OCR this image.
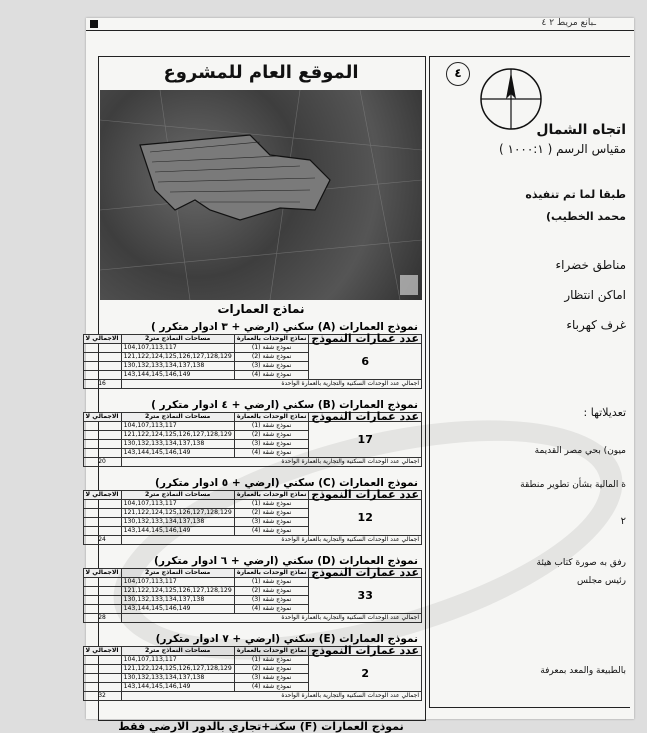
ـبانع مريط ٢ ٤
الموقع العام للمشروع
نماذج العمارات
نموذج العمارات (A) سكني (ارضي + ٣ ادوار متكرر )
عدد عمارات النموذج	نماذج الوحدات بالعمارة	مساحات النماذج متر2	الاجمالي لا
6	نموذج شقة (1)	104,107,113,117	
	نموذج شقة (2)	121,122,124,125,126,127,128,129	
	نموذج شقة (3)	130,132,133,134,137,138	
	نموذج شقة (4)	143,144,145,146,149	
اجمالي عدد الوحدات السكنية والتجارية بالعمارة الواحدة			16
نموذج العمارات (B) سكني (ارضي + ٤ ادوار متكرر )
عدد عمارات النموذج	نماذج الوحدات بالعمارة	مساحات النماذج متر2	الاجمالي لا
17	نموذج شقة (1)	104,107,113,117	
	نموذج شقة (2)	121,122,124,125,126,127,128,129	
	نموذج شقة (3)	130,132,133,134,137,138	
	نموذج شقة (4)	143,144,145,146,149	
اجمالي عدد الوحدات السكنية والتجارية بالعمارة الواحدة			20
نموذج العمارات (C) سكني (ارضي + ٥ ادوار متكرر)
عدد عمارات النموذج	نماذج الوحدات بالعمارة	مساحات النماذج متر2	الاجمالي لا
12	نموذج شقة (1)	104,107,113,117	
	نموذج شقة (2)	121,122,124,125,126,127,128,129	
	نموذج شقة (3)	130,132,133,134,137,138	
	نموذج شقة (4)	143,144,145,146,149	
اجمالي عدد الوحدات السكنية والتجارية بالعمارة الواحدة			24
نموذج العمارات (D) سكني (ارضي + ٦ ادوار متكرر)
عدد عمارات النموذج	نماذج الوحدات بالعمارة	مساحات النماذج متر2	الاجمالي لا
33	نموذج شقة (1)	104,107,113,117	
	نموذج شقة (2)	121,122,124,125,126,127,128,129	
	نموذج شقة (3)	130,132,133,134,137,138	
	نموذج شقة (4)	143,144,145,146,149	
اجمالي عدد الوحدات السكنية والتجارية بالعمارة الواحدة			28
نموذج العمارات (E) سكني (ارضي + ٧ ادوار متكرر)
عدد عمارات النموذج	نماذج الوحدات بالعمارة	مساحات النماذج متر2	الاجمالي لا
2	نموذج شقة (1)	104,107,113,117	
	نموذج شقة (2)	121,122,124,125,126,127,128,129	
	نموذج شقة (3)	130,132,133,134,137,138	
	نموذج شقة (4)	143,144,145,146,149	
اجمالي عدد الوحدات السكنية والتجارية بالعمارة الواحدة			32
نموذج العمارات (F) سكنـ+تجاري بالدور الارضي فقط
٤
اتجاه الشمال
مقياس الرسم ( ١٠٠٠:١ )
طبقا لما تم تنفيذه
محمد الخطيب)
مناطق خضراء
اماكن انتظار
غرف كهرباء
تعديلاتها :
ميون) بحي مصر القديمة
ة المالية بشأن تطوير منطقة
٢
رفق به صورة كتاب هيئة
رئيس مجلس
بالطبيعة والمعد بمعرفة
